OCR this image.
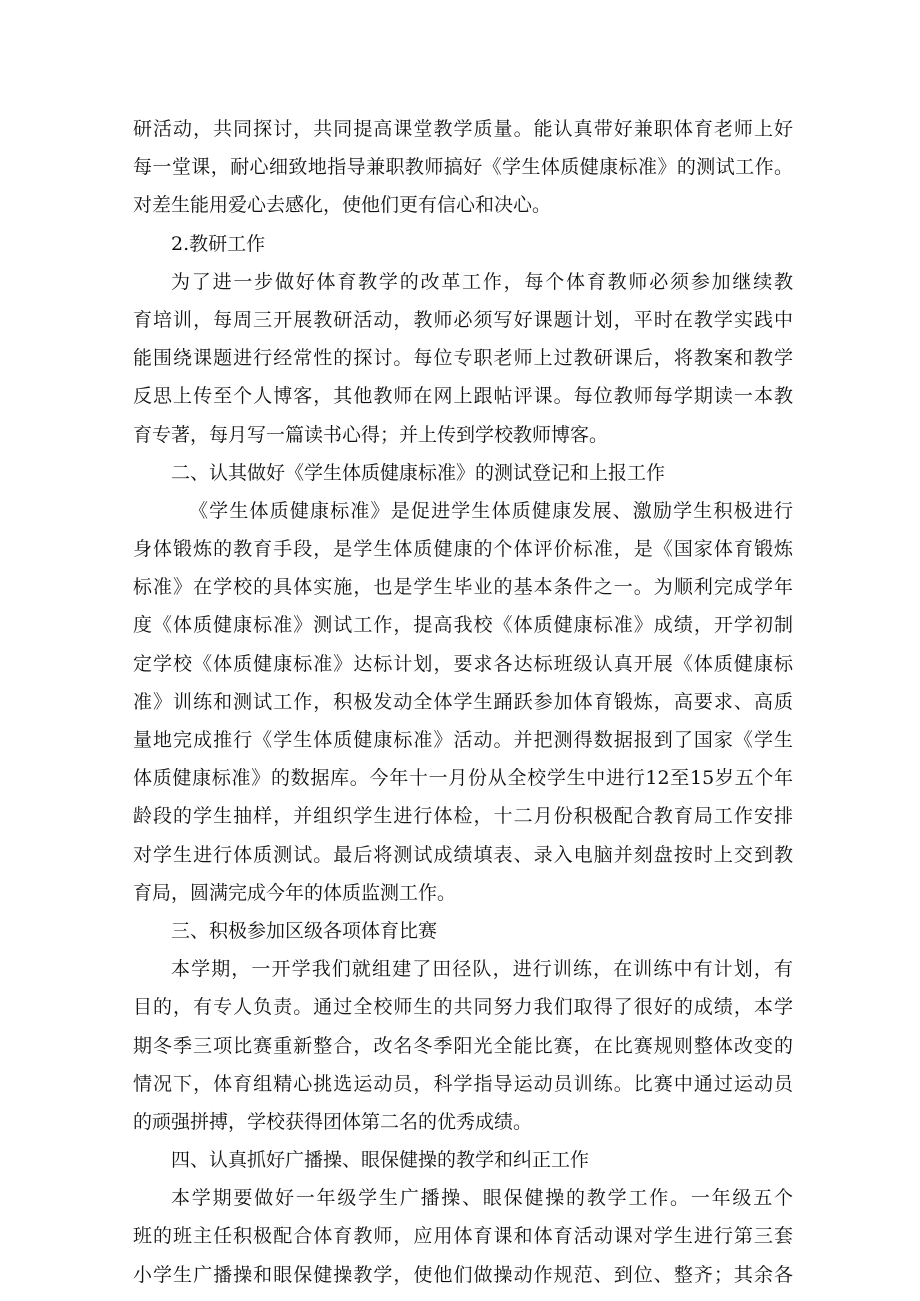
研活动，共同探讨，共同提高课堂教学质量。能认真带好兼职体育老师上好
每一堂课，耐心细致地指导兼职教师搞好《学生体质健康标准》的测试工作。
对差生能用爱心去感化，使他们更有信心和决心。
2.教研工作
为了进一步做好体育教学的改革工作，每个体育教师必须参加继续教
育培训，每周三开展教研活动，教师必须写好课题计划，平时在教学实践中
能围绕课题进行经常性的探讨。每位专职老师上过教研课后，将教案和教学
反思上传至个人博客，其他教师在网上跟帖评课。每位教师每学期读一本教
育专著，每月写一篇读书心得；并上传到学校教师博客。
二、认其做好《学生体质健康标准》的测试登记和上报工作
《学生体质健康标准》是促进学生体质健康发展、激励学生积极进行
身体锻炼的教育手段，是学生体质健康的个体评价标准，是《国家体育锻炼
标准》在学校的具体实施，也是学生毕业的基本条件之一。为顺利完成学年
度《体质健康标准》测试工作，提高我校《体质健康标准》成绩，开学初制
定学校《体质健康标准》达标计划，要求各达标班级认真开展《体质健康标
准》训练和测试工作，积极发动全体学生踊跃参加体育锻炼，高要求、高质
量地完成推行《学生体质健康标准》活动。并把测得数据报到了国家《学生
体质健康标准》的数据库。今年十一月份从全校学生中进行12至15岁五个年
龄段的学生抽样，并组织学生进行体检，十二月份积极配合教育局工作安排
对学生进行体质测试。最后将测试成绩填表、录入电脑并刻盘按时上交到教
育局，圆满完成今年的体质监测工作。
三、积极参加区级各项体育比赛
本学期，一开学我们就组建了田径队，进行训练，在训练中有计划，有
目的，有专人负责。通过全校师生的共同努力我们取得了很好的成绩，本学
期冬季三项比赛重新整合，改名冬季阳光全能比赛，在比赛规则整体改变的
情况下，体育组精心挑选运动员，科学指导运动员训练。比赛中通过运动员
的顽强拼搏，学校获得团体第二名的优秀成绩。
四、认真抓好广播操、眼保健操的教学和纠正工作
本学期要做好一年级学生广播操、眼保健操的教学工作。一年级五个
班的班主任积极配合体育教师，应用体育课和体育活动课对学生进行第三套
小学生广播操和眼保健操教学，使他们做操动作规范、到位、整齐；其余各
